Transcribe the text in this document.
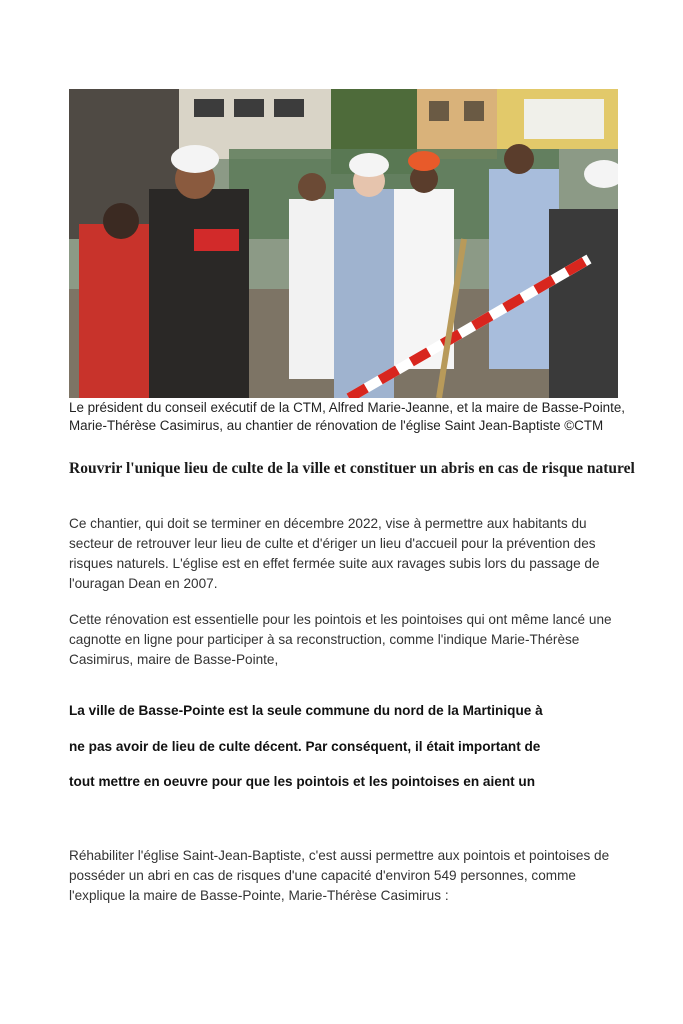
Le président du conseil exécutif de la CTM, Alfred Marie-Jeanne, et la maire de Basse-Pointe, Marie-Thérèse Casimirus, au chantier de rénovation de l'église Saint Jean-Baptiste ©CTM
Rouvrir l'unique lieu de culte de la ville et constituer un abris en cas de risque naturel
Ce chantier, qui doit se terminer en décembre 2022, vise à permettre aux habitants du secteur de retrouver leur lieu de culte et d'ériger un lieu d'accueil pour la prévention des risques naturels. L'église est en effet fermée suite aux ravages subis lors du passage de l'ouragan Dean en 2007.
Cette rénovation est essentielle pour les pointois et les pointoises qui ont même lancé une cagnotte en ligne pour participer à sa reconstruction, comme l'indique Marie-Thérèse Casimirus, maire de Basse-Pointe,
La ville de Basse-Pointe est la seule commune du nord de la Martinique à
ne pas avoir de lieu de culte décent. Par conséquent, il était important de
tout mettre en oeuvre pour que les pointois et les pointoises en aient un
Réhabiliter l'église Saint-Jean-Baptiste, c'est aussi permettre aux pointois et pointoises de posséder un abri en cas de risques d'une capacité d'environ 549 personnes, comme l'explique la maire de Basse-Pointe, Marie-Thérèse Casimirus :
